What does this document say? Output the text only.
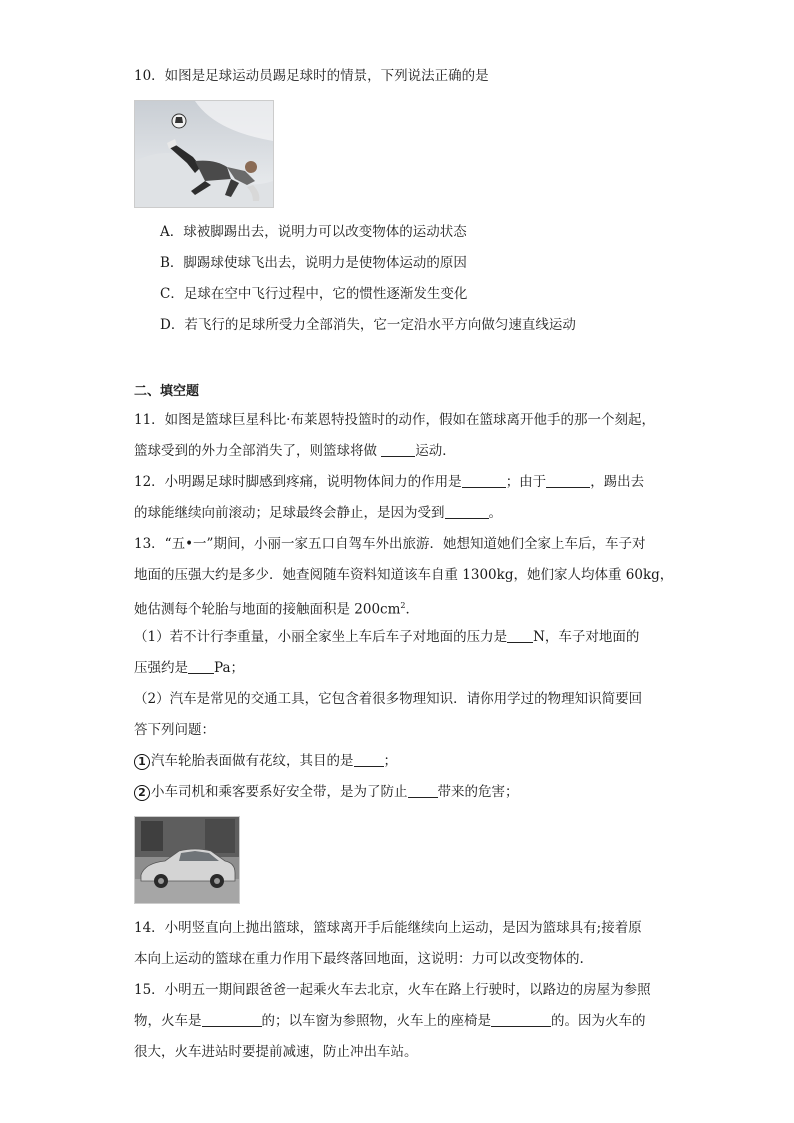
10．如图是足球运动员踢足球时的情景，下列说法正确的是
A．球被脚踢出去，说明力可以改变物体的运动状态
B．脚踢球使球飞出去，说明力是使物体运动的原因
C．足球在空中飞行过程中，它的惯性逐渐发生变化
D．若飞行的足球所受力全部消失，它一定沿水平方向做匀速直线运动
二、填空题
11．如图是篮球巨星科比·布莱恩特投篮时的动作，假如在篮球离开他手的那一个刻起，
篮球受到的外力全部消失了，则篮球将做	运动．
12．小明踢足球时脚感到疼痛，说明物体间力的作用是	；由于	，踢出去
的球能继续向前滚动；足球最终会静止，是因为受到	。
13．“五•一”期间，小丽一家五口自驾车外出旅游．她想知道她们全家上车后，车子对
地面的压强大约是多少．她查阅随车资料知道该车自重 1300kg，她们家人均体重 60kg，
她估测每个轮胎与地面的接触面积是 $200cm^2$．
（1）若不计行李重量，小丽全家坐上车后车子对地面的压力是 N，车子对地面的
压强约是 Pa；
（2）汽车是常见的交通工具，它包含着很多物理知识．请你用学过的物理知识简要回
答下列问题：
1 汽车轮胎表面做有花纹，其目的是 ；
2 小车司机和乘客要系好安全带，是为了防止 带来的危害；
14．小明竖直向上抛出篮球，篮球离开手后能继续向上运动，是因为篮球具有;接着原
本向上运动的篮球在重力作用下最终落回地面，这说明：力可以改变物体的.
15．小明五一期间跟爸爸一起乘火车去北京，火车在路上行驶时，以路边的房屋为参照
物，火车是	的；以车窗为参照物，火车上的座椅是	的。因为火车的
很大，火车进站时要提前减速，防止冲出车站。
